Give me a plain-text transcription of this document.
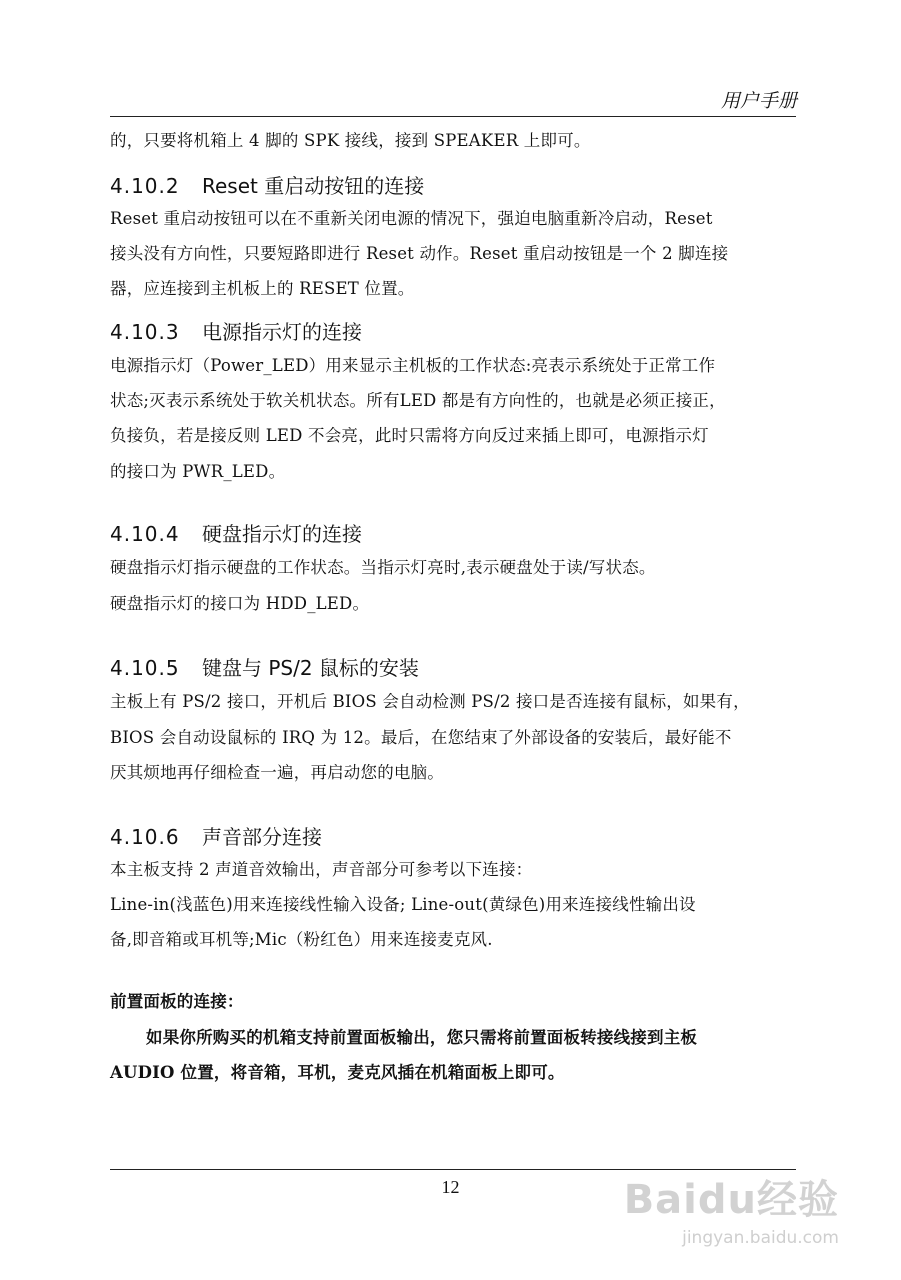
用户手册
的，只要将机箱上 4 脚的 SPK 接线，接到 SPEAKER 上即可。
4.10.2 Reset 重启动按钮的连接
Reset 重启动按钮可以在不重新关闭电源的情况下，强迫电脑重新冷启动，Reset
接头没有方向性，只要短路即进行 Reset 动作。Reset 重启动按钮是一个 2 脚连接
器，应连接到主机板上的 RESET 位置。
4.10.3 电源指示灯的连接
电源指示灯（Power_LED）用来显示主机板的工作状态:亮表示系统处于正常工作
状态;灭表示系统处于软关机状态。所有LED 都是有方向性的，也就是必须正接正，
负接负，若是接反则 LED 不会亮，此时只需将方向反过来插上即可，电源指示灯
的接口为 PWR_LED。
4.10.4 硬盘指示灯的连接
硬盘指示灯指示硬盘的工作状态。当指示灯亮时,表示硬盘处于读/写状态。
硬盘指示灯的接口为 HDD_LED。
4.10.5 键盘与 PS/2 鼠标的安装
主板上有 PS/2 接口，开机后 BIOS 会自动检测 PS/2 接口是否连接有鼠标，如果有，
BIOS 会自动设鼠标的 IRQ 为 12。最后，在您结束了外部设备的安装后，最好能不
厌其烦地再仔细检查一遍，再启动您的电脑。
4.10.6 声音部分连接
本主板支持 2 声道音效输出，声音部分可参考以下连接：
Line-in(浅蓝色)用来连接线性输入设备; Line-out(黄绿色)用来连接线性输出设
备,即音箱或耳机等;Mic（粉红色）用来连接麦克风.
前置面板的连接：
如果你所购买的机箱支持前置面板输出，您只需将前置面板转接线接到主板
AUDIO 位置，将音箱，耳机，麦克风插在机箱面板上即可。
12	Baidu经验
jingyan.baidu.com
